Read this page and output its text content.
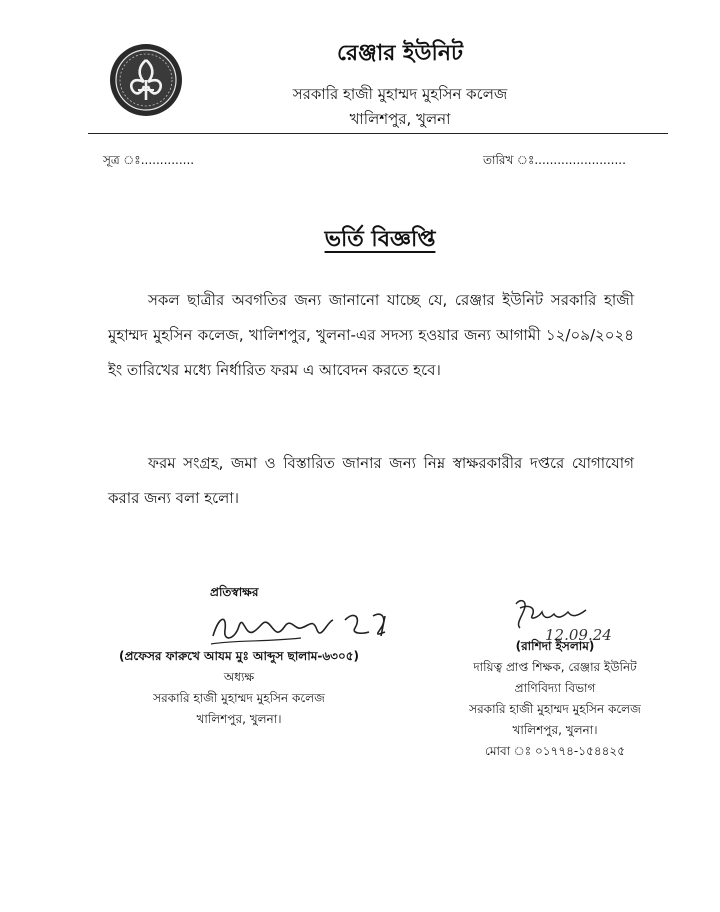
রেঞ্জার ইউনিট
সরকারি হাজী মুহাম্মদ মুহসিন কলেজ
খালিশপুর, খুলনা
সূত্র ঃ..............	তারিখ ঃ........................
ভর্তি বিজ্ঞপ্তি

সকল ছাত্রীর অবগতির জন্য জানানো যাচ্ছে যে, রেঞ্জার ইউনিট সরকারি হাজী মুহাম্মদ মুহসিন কলেজ, খালিশপুর, খুলনা-এর সদস্য হওয়ার জন্য আগামী ১২/০৯/২০২৪ ইং তারিখের মধ্যে নির্ধারিত ফরম এ আবেদন করতে হবে।

ফরম সংগ্রহ, জমা ও বিস্তারিত জানার জন্য নিম্ন স্বাক্ষরকারীর দপ্তরে যোগাযোগ করার জন্য বলা হলো।

প্রতিস্বাক্ষর
(প্রফেসর ফারুখে আযম মুঃ আব্দুস ছালাম-৬৩০৫)
অধ্যক্ষ
সরকারি হাজী মুহাম্মদ মুহসিন কলেজ
খালিশপুর, খুলনা।
12.09.24
(রাশিদা ইসলাম)
দায়িত্ব প্রাপ্ত শিক্ষক, রেঞ্জার ইউনিট
প্রাণিবিদ্যা বিভাগ
সরকারি হাজী মুহাম্মদ মুহসিন কলেজ
খালিশপুর, খুলনা।
মোবা ঃ ০১৭৭৪-১৫৪৪২৫
